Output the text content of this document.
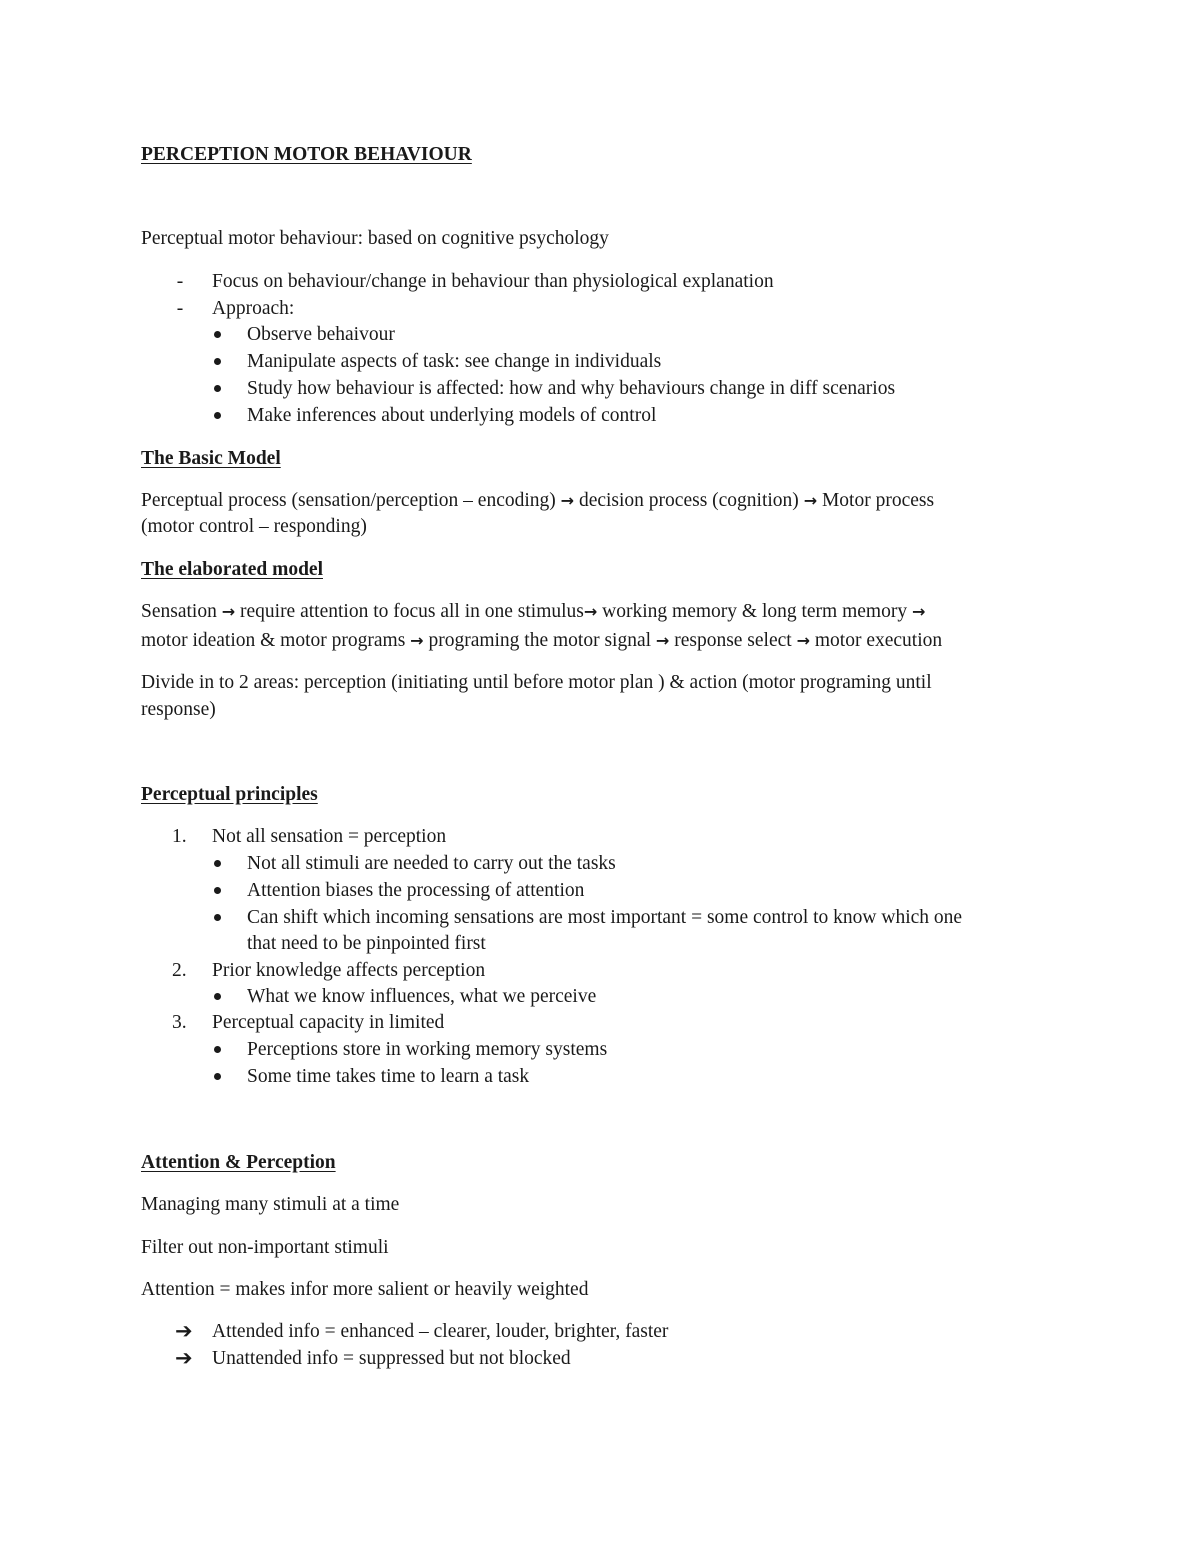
PERCEPTION MOTOR BEHAVIOUR
Perceptual motor behaviour: based on cognitive psychology
- Focus on behaviour/change in behaviour than physiological explanation
- Approach:
Observe behaivour
Manipulate aspects of task: see change in individuals
Study how behaviour is affected: how and why behaviours change in diff scenarios
Make inferences about underlying models of control
The Basic Model
Perceptual process (sensation/perception – encoding) → decision process (cognition) → Motor process
(motor control – responding)
The elaborated model
Sensation → require attention to focus all in one stimulus→ working memory & long term memory →
motor ideation & motor programs → programing the motor signal → response select → motor execution
Divide in to 2 areas: perception (initiating until before motor plan ) & action (motor programing until
response)
Perceptual principles
1.	Not all sensation = perception
Not all stimuli are needed to carry out the tasks
Attention biases the processing of attention
Can shift which incoming sensations are most important = some control to know which one
that need to be pinpointed first
2.	Prior knowledge affects perception
What we know influences, what we perceive
3.	Perceptual capacity in limited
Perceptions store in working memory systems
Some time takes time to learn a task
Attention & Perception
Managing many stimuli at a time
Filter out non-important stimuli
Attention = makes infor more salient or heavily weighted
➔ Attended info = enhanced – clearer, louder, brighter, faster
➔ Unattended info = suppressed but not blocked
